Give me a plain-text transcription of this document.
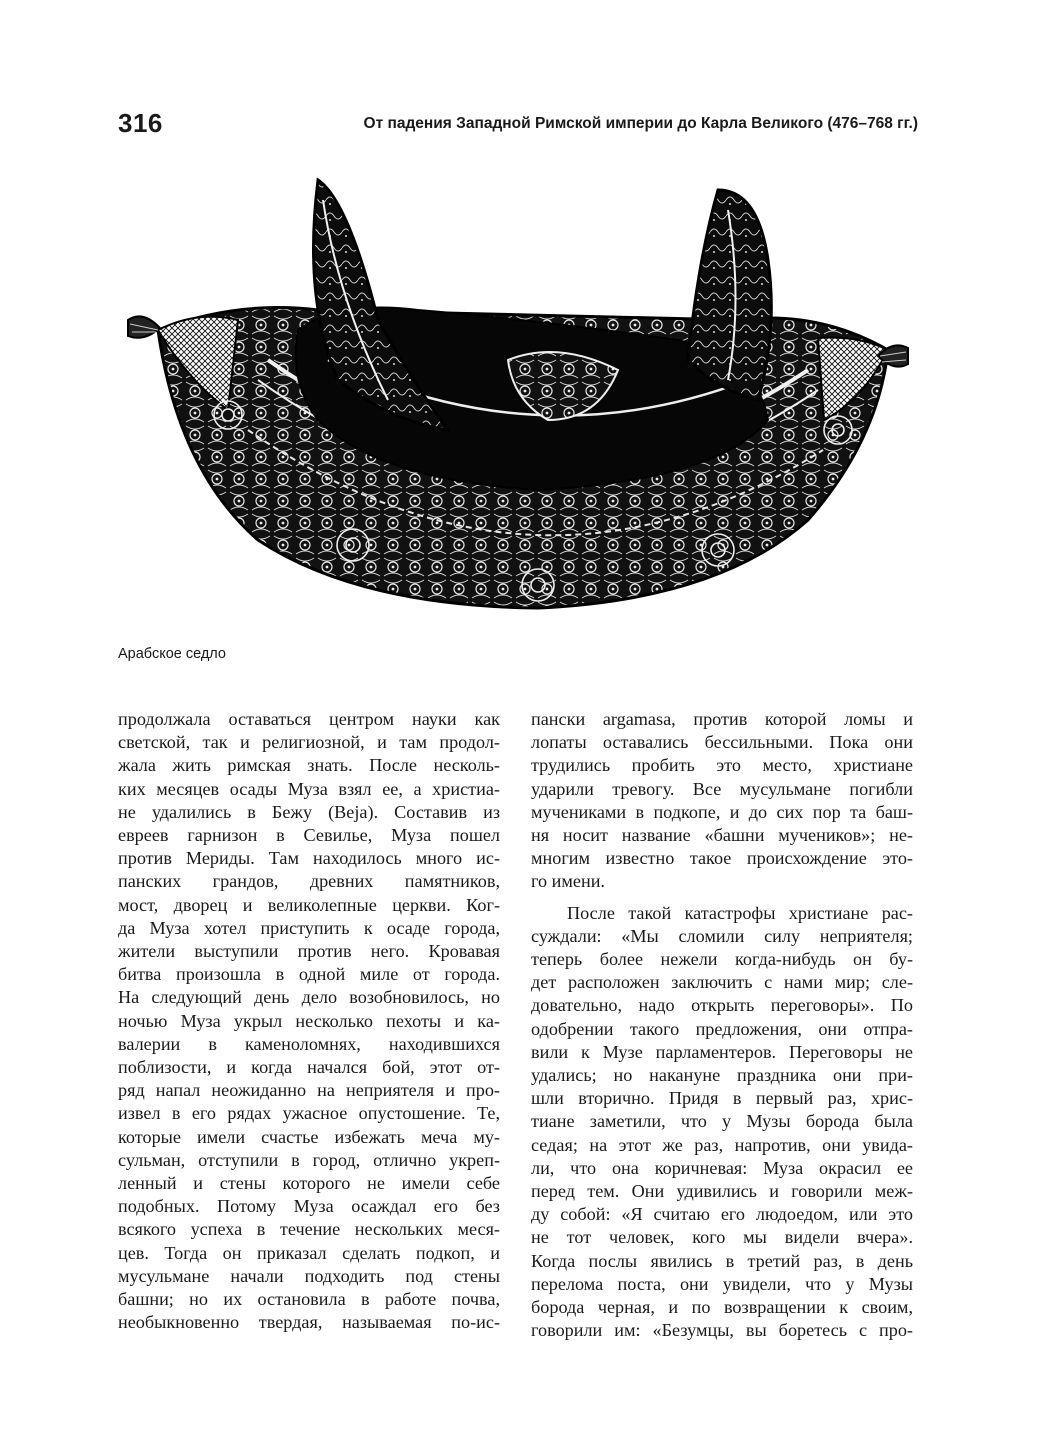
316	От падения Западной Римской империи до Карла Великого (476–768 гг.)
Арабское седло
продолжала оставаться центром науки как
светской, так и религиозной, и там продол-
жала жить римская знать. После несколь-
ких месяцев осады Муза взял ее, а христиа-
не удалились в Бежу (Beja). Составив из
евреев гарнизон в Севилье, Муза пошел
против Мериды. Там находилось много ис-
панских грандов, древних памятников,
мост, дворец и великолепные церкви. Ког-
да Муза хотел приступить к осаде города,
жители выступили против него. Кровавая
битва произошла в одной миле от города.
На следующий день дело возобновилось, но
ночью Муза укрыл несколько пехоты и ка-
валерии в каменоломнях, находившихся
поблизости, и когда начался бой, этот от-
ряд напал неожиданно на неприятеля и про-
извел в его рядах ужасное опустошение. Те,
которые имели счастье избежать меча му-
сульман, отступили в город, отлично укреп-
ленный и стены которого не имели себе
подобных. Потому Муза осаждал его без
всякого успеха в течение нескольких меся-
цев. Тогда он приказал сделать подкоп, и
мусульмане начали подходить под стены
башни; но их остановила в работе почва,
необыкновенно твердая, называемая по-ис-
пански argamasa, против которой ломы и
лопаты оставались бессильными. Пока они
трудились пробить это место, христиане
ударили тревогу. Все мусульмане погибли
мучениками в подкопе, и до сих пор та баш-
ня носит название «башни мучеников»; не-
многим известно такое происхождение это-
го имени.
После такой катастрофы христиане рас-
суждали: «Мы сломили силу неприятеля;
теперь более нежели когда-нибудь он бу-
дет расположен заключить с нами мир; сле-
довательно, надо открыть переговоры». По
одобрении такого предложения, они отпра-
вили к Музе парламентеров. Переговоры не
удались; но накануне праздника они при-
шли вторично. Придя в первый раз, хрис-
тиане заметили, что у Музы борода была
седая; на этот же раз, напротив, они увида-
ли, что она коричневая: Муза окрасил ее
перед тем. Они удивились и говорили меж-
ду собой: «Я считаю его людоедом, или это
не тот человек, кого мы видели вчера».
Когда послы явились в третий раз, в день
перелома поста, они увидели, что у Музы
борода черная, и по возвращении к своим,
говорили им: «Безумцы, вы боретесь с про-
